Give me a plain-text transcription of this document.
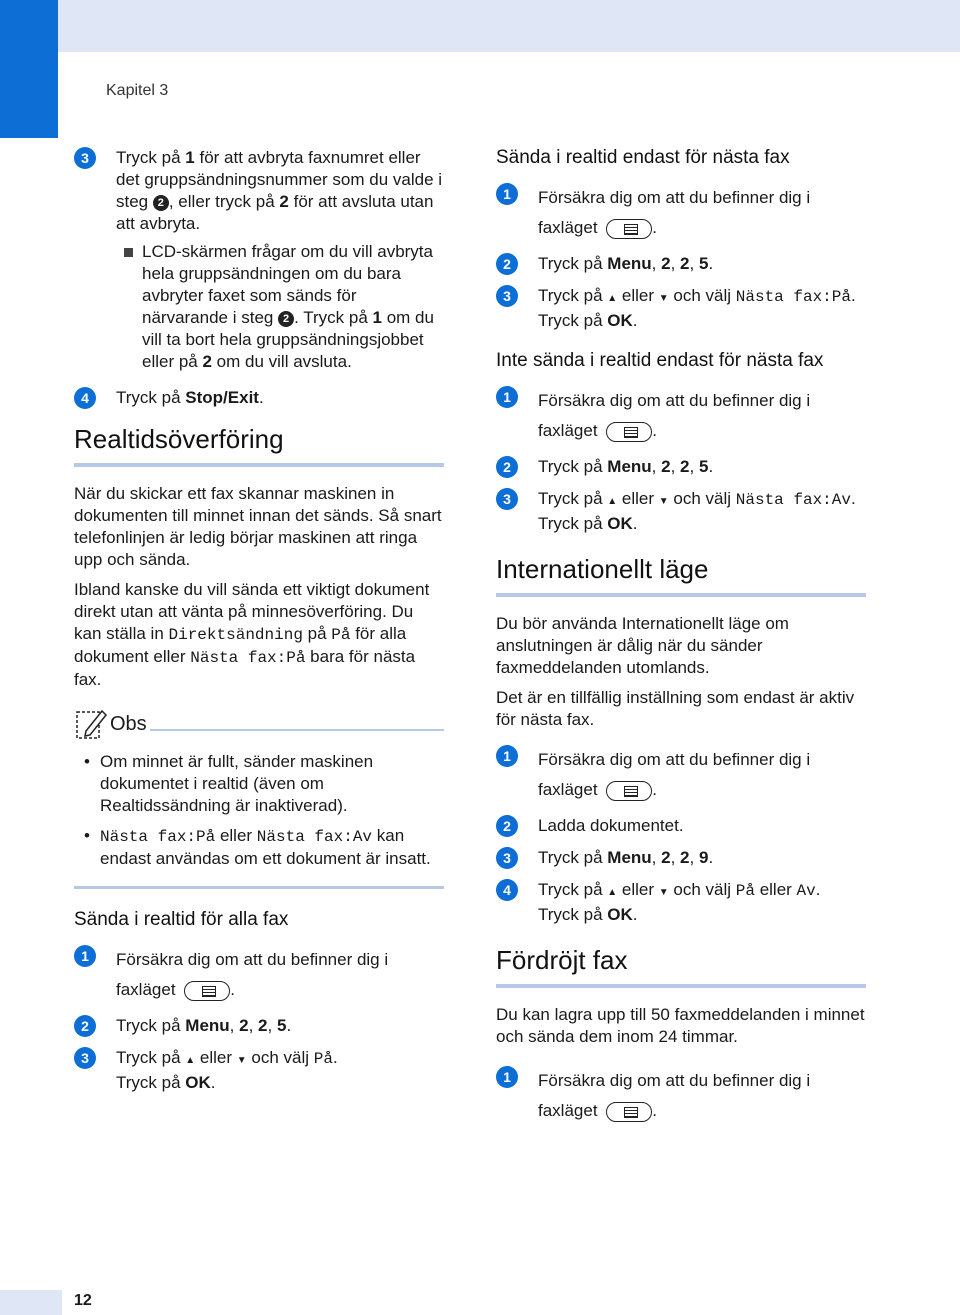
Kapitel 3
3	Tryck på 1 för att avbryta faxnumret eller det gruppsändningsnummer som du valde i steg 2 , eller tryck på 2 för att avsluta utan att avbryta.
LCD-skärmen frågar om du vill avbryta hela gruppsändningen om du bara avbryter faxet som sänds för närvarande i steg 2 . Tryck på 1 om du vill ta bort hela gruppsändningsjobbet eller på 2 om du vill avsluta.
4	Tryck på Stop/Exit.
Realtidsöverföring

När du skickar ett fax skannar maskinen in dokumenten till minnet innan det sänds. Så snart telefonlinjen är ledig börjar maskinen att ringa upp och sända.

Ibland kanske du vill sända ett viktigt dokument direkt utan att vänta på minnesöverföring. Du kan ställa in Direktsändning på På för alla dokument eller Nästa fax:På bara för nästa fax.

Obs
• Om minnet är fullt, sänder maskinen dokumentet i realtid (även om Realtidssändning är inaktiverad).
• Nästa fax:På eller Nästa fax:Av kan endast användas om ett dokument är insatt.
Sända i realtid för alla fax
1	Försäkra dig om att du befinner dig i faxläget	.
2	Tryck på Menu, 2, 2, 5.
3	Tryck på ▲ eller ▼ och välj På.
Tryck på OK.
Sända i realtid endast för nästa fax
1	Försäkra dig om att du befinner dig i faxläget	.
2	Tryck på Menu, 2, 2, 5.
3	Tryck på ▲ eller ▼ och välj Nästa fax:På.
Tryck på OK.
Inte sända i realtid endast för nästa fax
1	Försäkra dig om att du befinner dig i faxläget	.
2	Tryck på Menu, 2, 2, 5.
3	Tryck på ▲ eller ▼ och välj Nästa fax:Av.
Tryck på OK.
Internationellt läge

Du bör använda Internationellt läge om anslutningen är dålig när du sänder faxmeddelanden utomlands.

Det är en tillfällig inställning som endast är aktiv för nästa fax.

1	Försäkra dig om att du befinner dig i faxläget	.
2	Ladda dokumentet.
3	Tryck på Menu, 2, 2, 9.
4	Tryck på ▲ eller ▼ och välj På eller Av.
Tryck på OK.
Fördröjt fax

Du kan lagra upp till 50 faxmeddelanden i minnet och sända dem inom 24 timmar.

1	Försäkra dig om att du befinner dig i faxläget	.
12
